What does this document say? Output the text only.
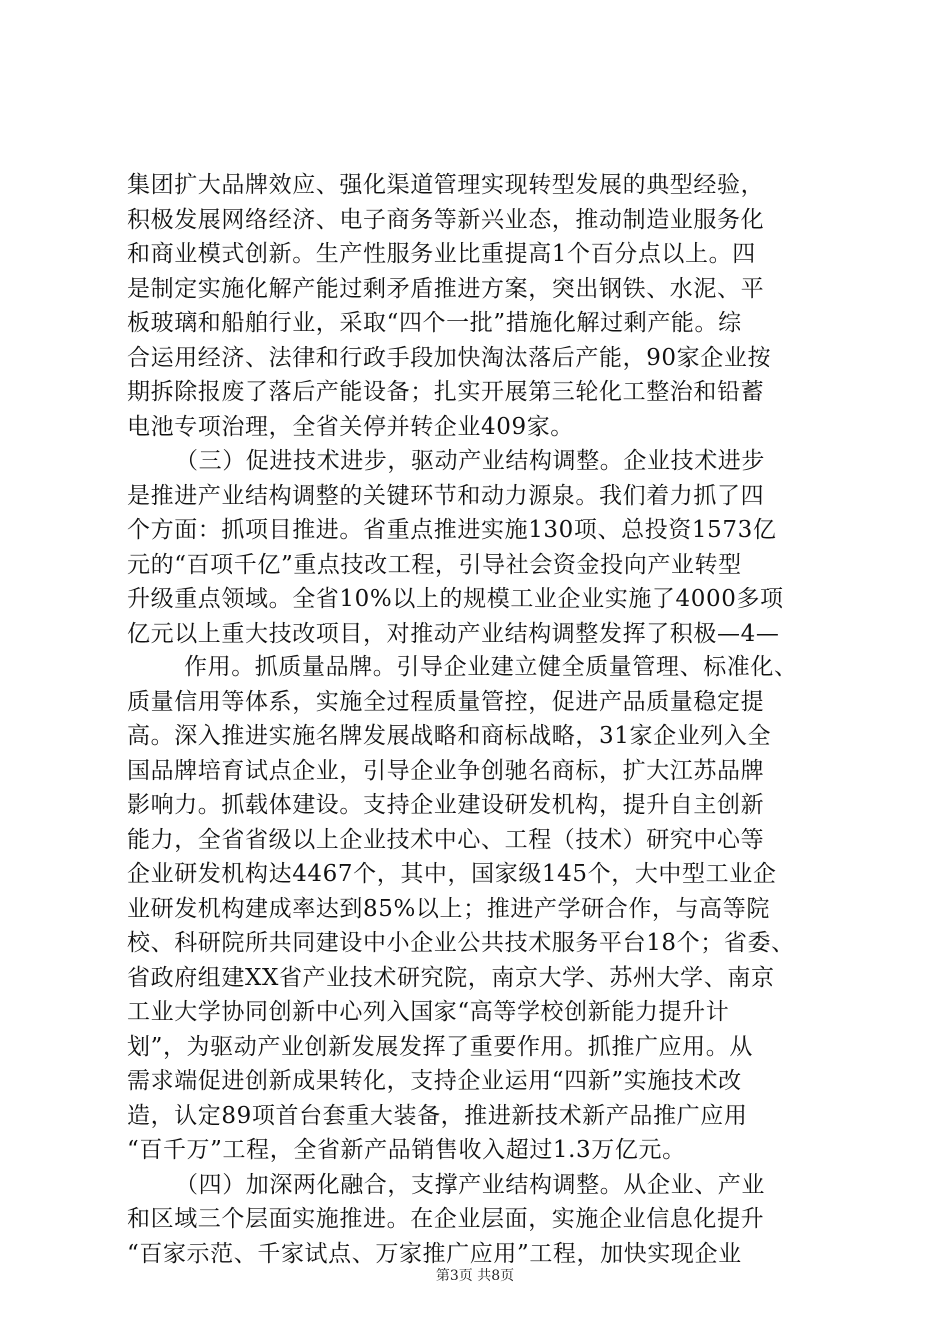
集团扩大品牌效应、强化渠道管理实现转型发展的典型经验，
积极发展网络经济、电子商务等新兴业态，推动制造业服务化
和商业模式创新。生产性服务业比重提高1个百分点以上。四
是制定实施化解产能过剩矛盾推进方案，突出钢铁、水泥、平
板玻璃和船舶行业，采取“四个一批”措施化解过剩产能。综
合运用经济、法律和行政手段加快淘汰落后产能，90家企业按
期拆除报废了落后产能设备；扎实开展第三轮化工整治和铅蓄
电池专项治理，全省关停并转企业409家。
（三）促进技术进步，驱动产业结构调整。企业技术进步
是推进产业结构调整的关键环节和动力源泉。我们着力抓了四
个方面：抓项目推进。省重点推进实施130项、总投资1573亿
元的“百项千亿”重点技改工程，引导社会资金投向产业转型
升级重点领域。全省10%以上的规模工业企业实施了4000多项
亿元以上重大技改项目，对推动产业结构调整发挥了积极—4—
作用。抓质量品牌。引导企业建立健全质量管理、标准化、
质量信用等体系，实施全过程质量管控，促进产品质量稳定提
高。深入推进实施名牌发展战略和商标战略，31家企业列入全
国品牌培育试点企业，引导企业争创驰名商标，扩大江苏品牌
影响力。抓载体建设。支持企业建设研发机构，提升自主创新
能力，全省省级以上企业技术中心、工程（技术）研究中心等
企业研发机构达4467个，其中，国家级145个，大中型工业企
业研发机构建成率达到85%以上；推进产学研合作，与高等院
校、科研院所共同建设中小企业公共技术服务平台18个；省委、
省政府组建XX省产业技术研究院，南京大学、苏州大学、南京
工业大学协同创新中心列入国家“高等学校创新能力提升计
划”，为驱动产业创新发展发挥了重要作用。抓推广应用。从
需求端促进创新成果转化，支持企业运用“四新”实施技术改
造，认定89项首台套重大装备，推进新技术新产品推广应用
“百千万”工程，全省新产品销售收入超过1.3万亿元。
（四）加深两化融合，支撑产业结构调整。从企业、产业
和区域三个层面实施推进。在企业层面，实施企业信息化提升
“百家示范、千家试点、万家推广应用”工程，加快实现企业
第3页 共8页
